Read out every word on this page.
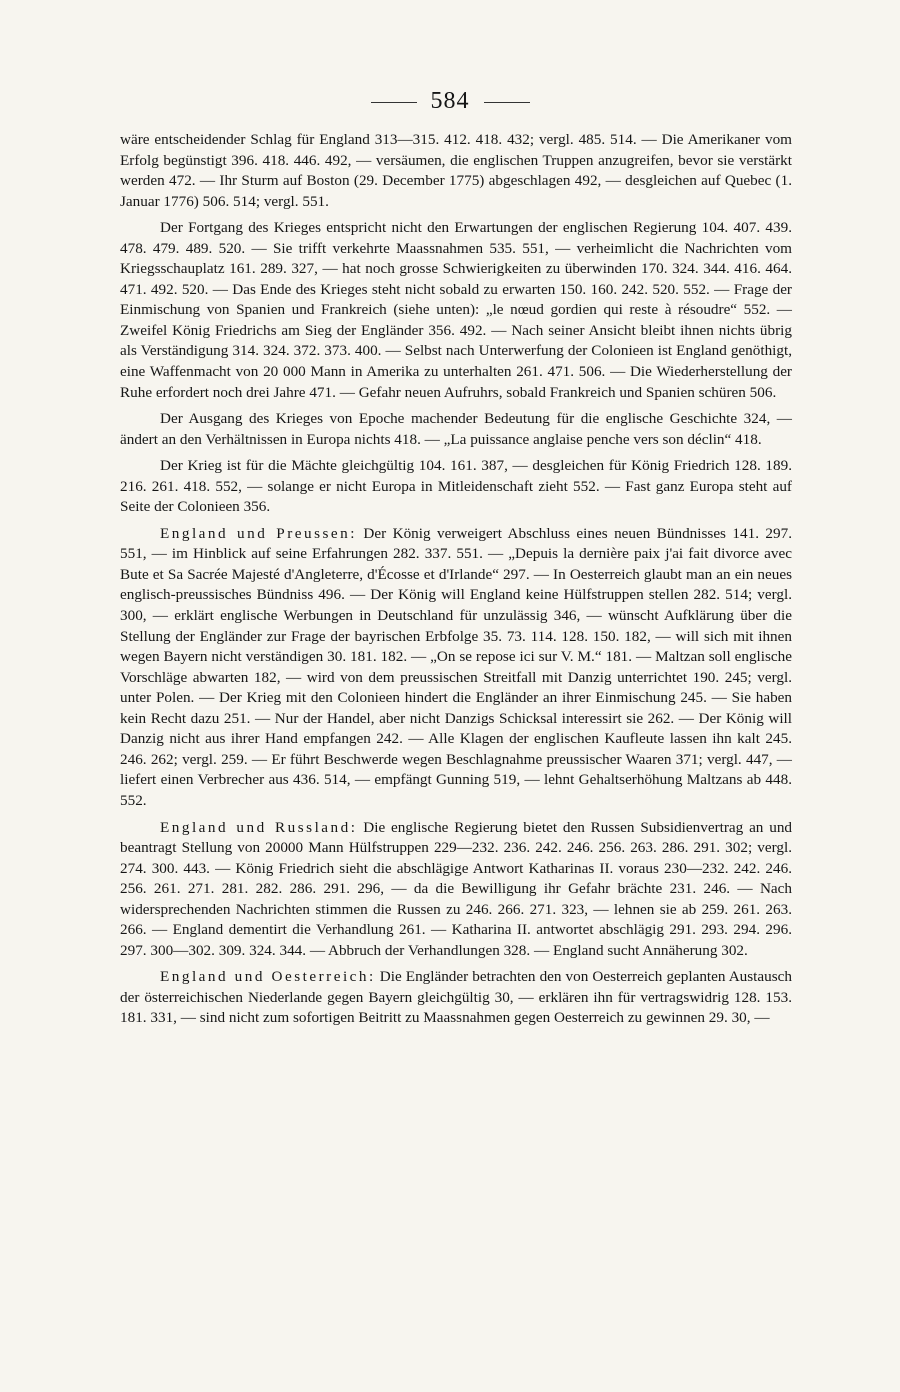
584

wäre entscheidender Schlag für England 313—315. 412. 418. 432; vergl. 485. 514. — Die Amerikaner vom Erfolg begünstigt 396. 418. 446. 492, — versäumen, die englischen Truppen anzugreifen, bevor sie verstärkt werden 472. — Ihr Sturm auf Boston (29. December 1775) abgeschlagen 492, — desgleichen auf Quebec (1. Januar 1776) 506. 514; vergl. 551.

Der Fortgang des Krieges entspricht nicht den Erwartungen der englischen Regierung 104. 407. 439. 478. 479. 489. 520. — Sie trifft verkehrte Maassnahmen 535. 551, — verheimlicht die Nachrichten vom Kriegsschauplatz 161. 289. 327, — hat noch grosse Schwierigkeiten zu überwinden 170. 324. 344. 416. 464. 471. 492. 520. — Das Ende des Krieges steht nicht sobald zu erwarten 150. 160. 242. 520. 552. — Frage der Einmischung von Spanien und Frankreich (siehe unten): „le nœud gordien qui reste à résoudre“ 552. — Zweifel König Friedrichs am Sieg der Engländer 356. 492. — Nach seiner Ansicht bleibt ihnen nichts übrig als Verständigung 314. 324. 372. 373. 400. — Selbst nach Unterwerfung der Colonieen ist England genöthigt, eine Waffenmacht von 20 000 Mann in Amerika zu unterhalten 261. 471. 506. — Die Wiederherstellung der Ruhe erfordert noch drei Jahre 471. — Gefahr neuen Aufruhrs, sobald Frankreich und Spanien schüren 506.

Der Ausgang des Krieges von Epoche machender Bedeutung für die englische Geschichte 324, — ändert an den Verhältnissen in Europa nichts 418. — „La puissance anglaise penche vers son déclin“ 418.

Der Krieg ist für die Mächte gleichgültig 104. 161. 387, — desgleichen für König Friedrich 128. 189. 216. 261. 418. 552, — solange er nicht Europa in Mitleidenschaft zieht 552. — Fast ganz Europa steht auf Seite der Colonieen 356.

England und Preussen: Der König verweigert Abschluss eines neuen Bündnisses 141. 297. 551, — im Hinblick auf seine Erfahrungen 282. 337. 551. — „Depuis la dernière paix j'ai fait divorce avec Bute et Sa Sacrée Majesté d'Angleterre, d'Écosse et d'Irlande“ 297. — In Oesterreich glaubt man an ein neues englisch-preussisches Bündniss 496. — Der König will England keine Hülfstruppen stellen 282. 514; vergl. 300, — erklärt englische Werbungen in Deutschland für unzulässig 346, — wünscht Aufklärung über die Stellung der Engländer zur Frage der bayrischen Erbfolge 35. 73. 114. 128. 150. 182, — will sich mit ihnen wegen Bayern nicht verständigen 30. 181. 182. — „On se repose ici sur V. M.“ 181. — Maltzan soll englische Vorschläge abwarten 182, — wird von dem preussischen Streitfall mit Danzig unterrichtet 190. 245; vergl. unter Polen. — Der Krieg mit den Colonieen hindert die Engländer an ihrer Einmischung 245. — Sie haben kein Recht dazu 251. — Nur der Handel, aber nicht Danzigs Schicksal interessirt sie 262. — Der König will Danzig nicht aus ihrer Hand empfangen 242. — Alle Klagen der englischen Kaufleute lassen ihn kalt 245. 246. 262; vergl. 259. — Er führt Beschwerde wegen Beschlagnahme preussischer Waaren 371; vergl. 447, — liefert einen Verbrecher aus 436. 514, — empfängt Gunning 519, — lehnt Gehaltserhöhung Maltzans ab 448. 552.

England und Russland: Die englische Regierung bietet den Russen Subsidienvertrag an und beantragt Stellung von 20000 Mann Hülfstruppen 229—232. 236. 242. 246. 256. 263. 286. 291. 302; vergl. 274. 300. 443. — König Friedrich sieht die abschlägige Antwort Katharinas II. voraus 230—232. 242. 246. 256. 261. 271. 281. 282. 286. 291. 296, — da die Bewilligung ihr Gefahr brächte 231. 246. — Nach widersprechenden Nachrichten stimmen die Russen zu 246. 266. 271. 323, — lehnen sie ab 259. 261. 263. 266. — England dementirt die Verhandlung 261. — Katharina II. antwortet abschlägig 291. 293. 294. 296. 297. 300—302. 309. 324. 344. — Abbruch der Verhandlungen 328. — England sucht Annäherung 302.

England und Oesterreich: Die Engländer betrachten den von Oesterreich geplanten Austausch der österreichischen Niederlande gegen Bayern gleichgültig 30, — erklären ihn für vertragswidrig 128. 153. 181. 331, — sind nicht zum sofortigen Beitritt zu Maassnahmen gegen Oesterreich zu gewinnen 29. 30, —
